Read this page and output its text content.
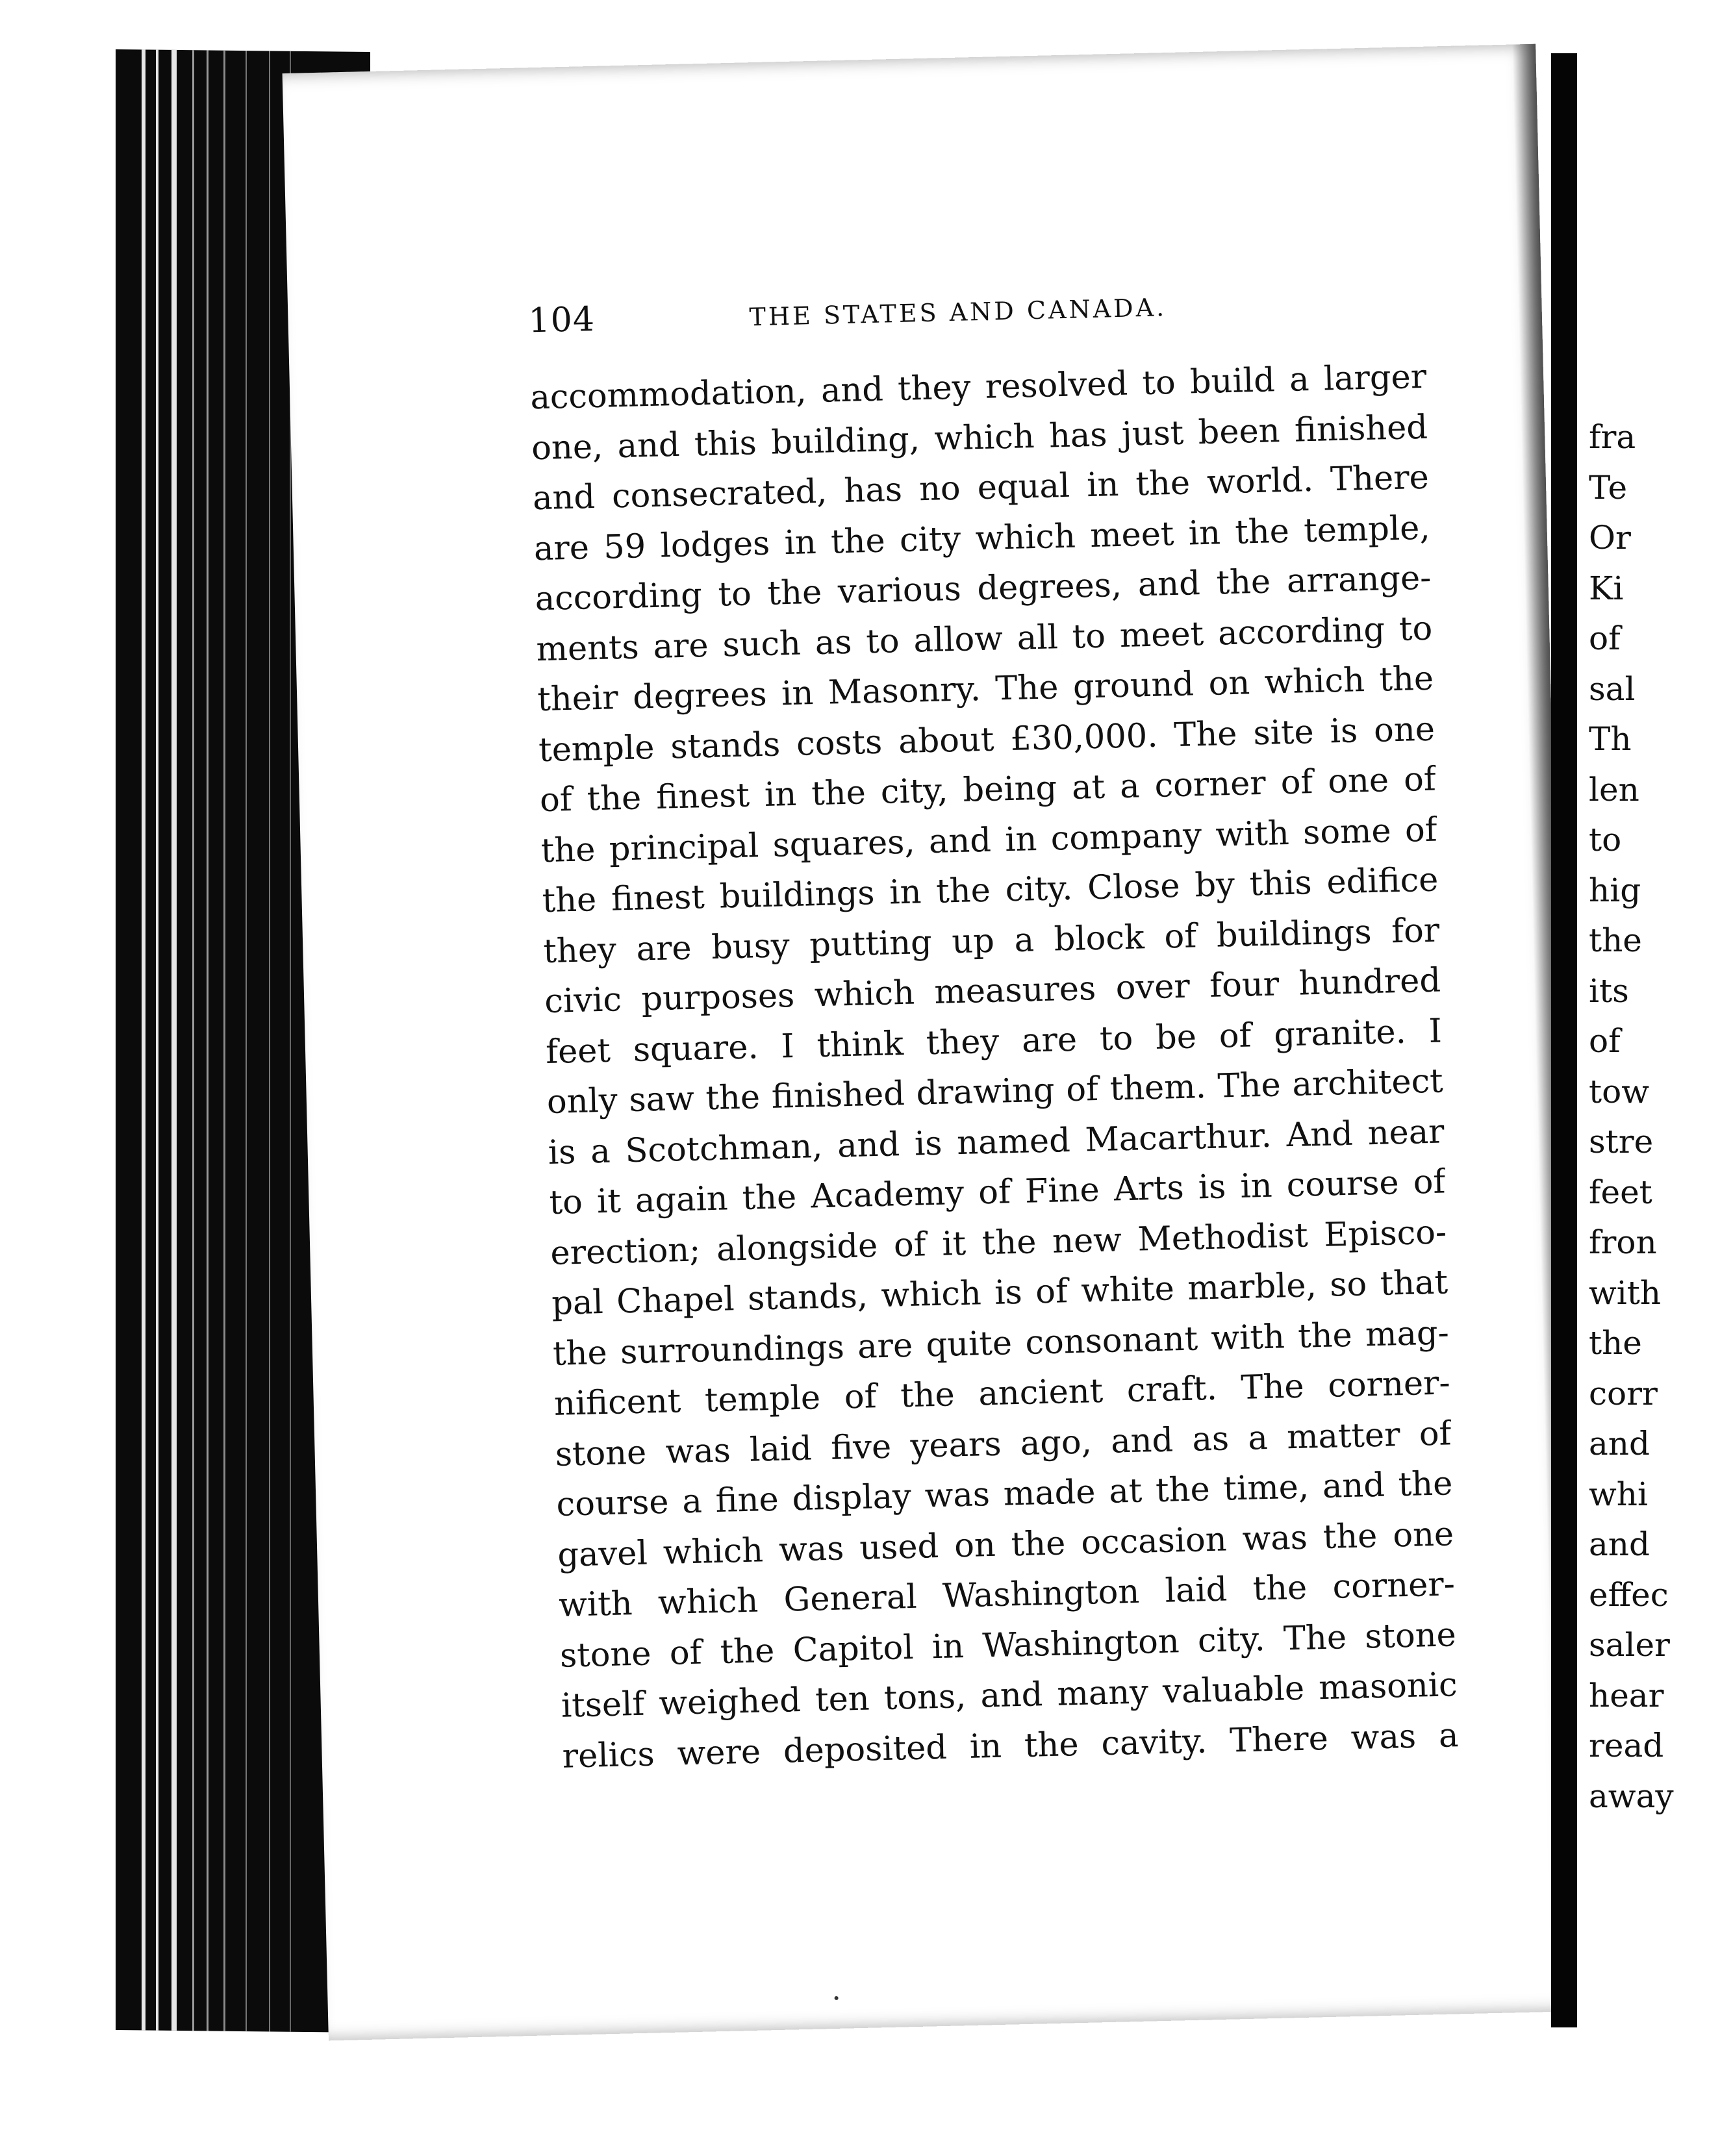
104	THE STATES AND CANADA.
accommodation, and they resolved to build a larger
one, and this building, which has just been finished
and consecrated, has no equal in the world. There
are 59 lodges in the city which meet in the temple,
according to the various degrees, and the arrange-
ments are such as to allow all to meet according to
their degrees in Masonry. The ground on which the
temple stands costs about £30,000. The site is one
of the finest in the city, being at a corner of one of
the principal squares, and in company with some of
the finest buildings in the city. Close by this edifice
they are busy putting up a block of buildings for
civic purposes which measures over four hundred
feet square. I think they are to be of granite. I
only saw the finished drawing of them. The architect
is a Scotchman, and is named Macarthur. And near
to it again the Academy of Fine Arts is in course of
erection; alongside of it the new Methodist Episco-
pal Chapel stands, which is of white marble, so that
the surroundings are quite consonant with the mag-
nificent temple of the ancient craft. The corner-
stone was laid five years ago, and as a matter of
course a fine display was made at the time, and the
gavel which was used on the occasion was the one
with which General Washington laid the corner-
stone of the Capitol in Washington city. The stone
itself weighed ten tons, and many valuable masonic
relics were deposited in the cavity. There was a
fra
Te
Or
Ki
of
sal
Th
len
to
hig
the
its
of
tow
stre
feet
fron
with
the
corr
and
whi
and
effec
saler
hear
read
away
